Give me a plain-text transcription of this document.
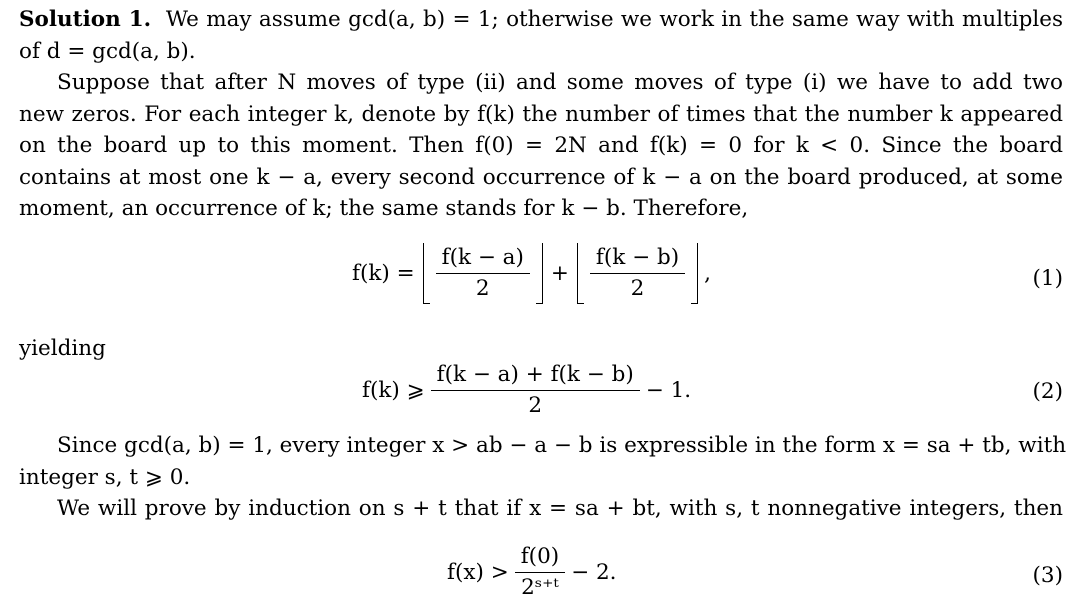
Solution 1. We may assume gcd(a, b) = 1; otherwise we work in the same way with multiples
of d = gcd(a, b).
Suppose that after N moves of type (ii) and some moves of type (i) we have to add two
new zeros. For each integer k, denote by f(k) the number of times that the number k appeared
on the board up to this moment. Then f(0) = 2N and f(k) = 0 for k < 0. Since the board
contains at most one k − a, every second occurrence of k − a on the board produced, at some
moment, an occurrence of k; the same stands for k − b. Therefore,
$f(k) = \frac{f(k - a)}{2} + \frac{f(k - b)}{2}$ ,	(1)
yielding
f(k) ⩾ $\frac{f(k - a) + f(k - b)}{2} - 1$.	(2)
Since gcd(a, b) = 1, every integer x > ab − a − b is expressible in the form x = sa + tb, with
integer s, t ⩾ 0.
We will prove by induction on s + t that if x = sa + bt, with s, t nonnegative integers, then
$f(x) > \frac{f(0)}{\text{2ˢ⁺ᵗ}} - 2$.	(3)
